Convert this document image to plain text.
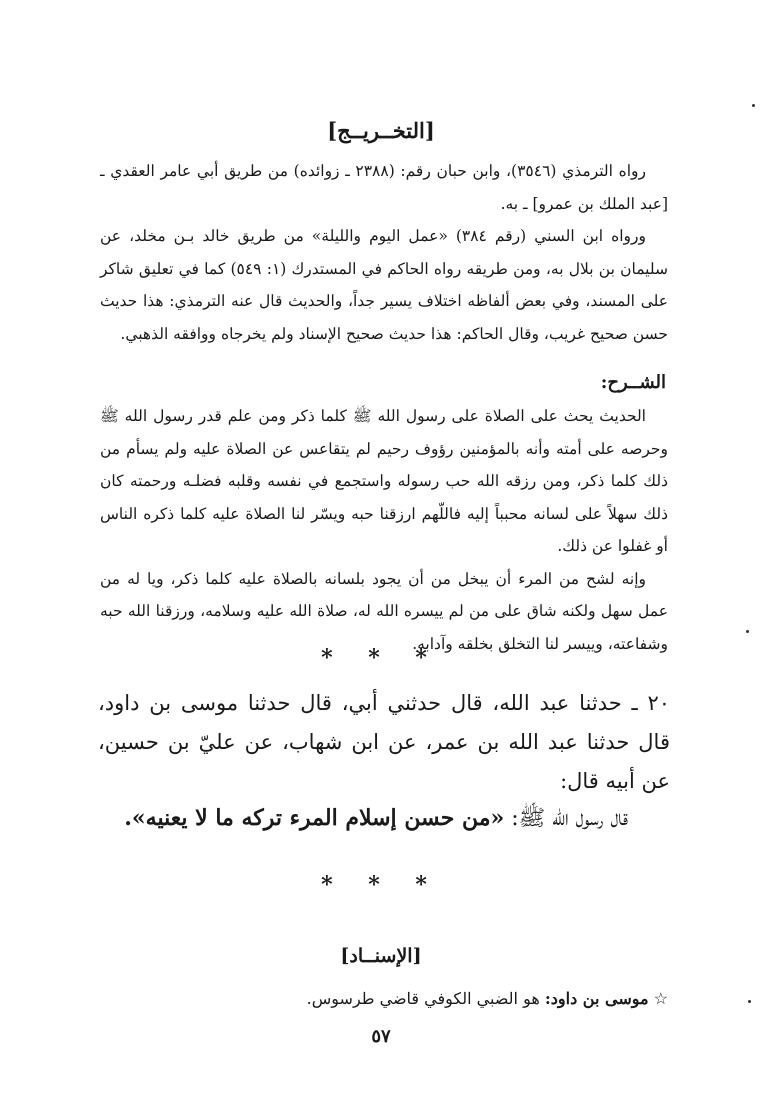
[التخــريــج]

رواه الترمذي (٣٥٤٦)، وابن حبان رقم: (٢٣٨٨ ـ زوائده) من طريق أبي عامر العقدي ـ [عبد الملك بن عمرو] ـ به.

ورواه ابن السني (رقم ٣٨٤) «عمل اليوم والليلة» من طريق خالد بـن مخلد، عن سليمان بن بلال به، ومن طريقه رواه الحاكم في المستدرك (١: ٥٤٩) كما في تعليق شاكر على المسند، وفي بعض ألفاظه اختلاف يسير جداً، والحديث قال عنه الترمذي: هذا حديث حسن صحيح غريب، وقال الحاكم: هذا حديث صحيح الإسناد ولم يخرجاه ووافقه الذهبي.

الشــرح:

الحديث يحث على الصلاة على رسول الله ﷺ كلما ذكر ومن علم قدر رسول الله ﷺ وحرصه على أمته وأنه بالمؤمنين رؤوف رحيم لم يتقاعس عن الصلاة عليه ولم يسأم من ذلك كلما ذكر، ومن رزقه الله حب رسوله واستجمع في نفسه وقلبه فضلـه ورحمته كان ذلك سهلاً على لسانه محبباً إليه فاللّهم ارزقنا حبه ويسّر لنا الصلاة عليه كلما ذكره الناس أو غفلوا عن ذلك.

وإنه لشح من المرء أن يبخل من أن يجود بلسانه بالصلاة عليه كلما ذكر، ويا له من عمل سهل ولكنه شاق على من لم ييسره الله له، صلاة الله عليه وسلامه، ورزقنا الله حبه وشفاعته، وييسر لنا التخلق بخلقه وآدابه.

* * *

٢٠ ـ حدثنا عبد الله، قال حدثني أبي، قال حدثنا موسى بن داود، قال حدثنا عبد الله بن عمر، عن ابن شهاب، عن عليّ بن حسين، عن أبيه قال:

قال رسول الله ﷺ: «من حسن إسلام المرء تركه ما لا يعنيه».

* * *
[الإسنــاد]
☆ موسى بن داود: هو الضبي الكوفي قاضي طرسوس.
٥٧
